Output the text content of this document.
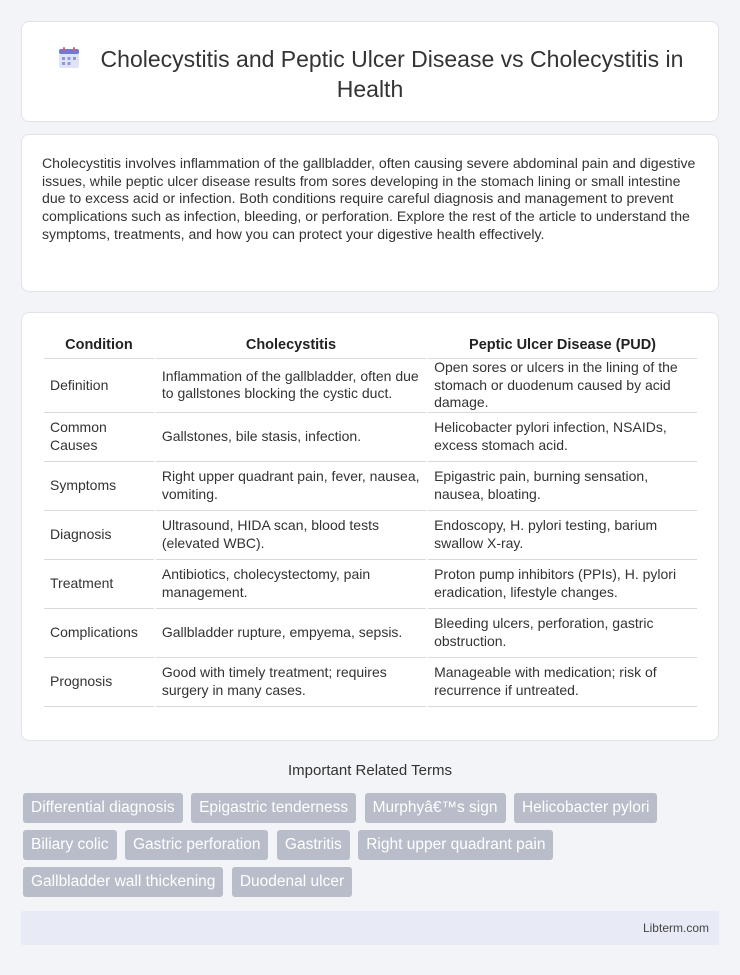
Cholecystitis and Peptic Ulcer Disease vs Cholecystitis in Health

Cholecystitis involves inflammation of the gallbladder, often causing severe abdominal pain and digestive issues, while peptic ulcer disease results from sores developing in the stomach lining or small intestine due to excess acid or infection. Both conditions require careful diagnosis and management to prevent complications such as infection, bleeding, or perforation. Explore the rest of the article to understand the symptoms, treatments, and how you can protect your digestive health effectively.

Condition	Cholecystitis	Peptic Ulcer Disease (PUD)
Definition	Inflammation of the gallbladder, often due to gallstones blocking the cystic duct.	Open sores or ulcers in the lining of the stomach or duodenum caused by acid damage.
Common Causes	Gallstones, bile stasis, infection.	Helicobacter pylori infection, NSAIDs, excess stomach acid.
Symptoms	Right upper quadrant pain, fever, nausea, vomiting.	Epigastric pain, burning sensation, nausea, bloating.
Diagnosis	Ultrasound, HIDA scan, blood tests (elevated WBC).	Endoscopy, H. pylori testing, barium swallow X-ray.
Treatment	Antibiotics, cholecystectomy, pain management.	Proton pump inhibitors (PPIs), H. pylori eradication, lifestyle changes.
Complications	Gallbladder rupture, empyema, sepsis.	Bleeding ulcers, perforation, gastric obstruction.
Prognosis	Good with timely treatment; requires surgery in many cases.	Manageable with medication; risk of recurrence if untreated.
Important Related Terms
Differential diagnosis Epigastric tenderness Murphyâ€™s sign Helicobacter pylori Biliary colic Gastric perforation Gastritis Right upper quadrant pain Gallbladder wall thickening Duodenal ulcer
Libterm.com
